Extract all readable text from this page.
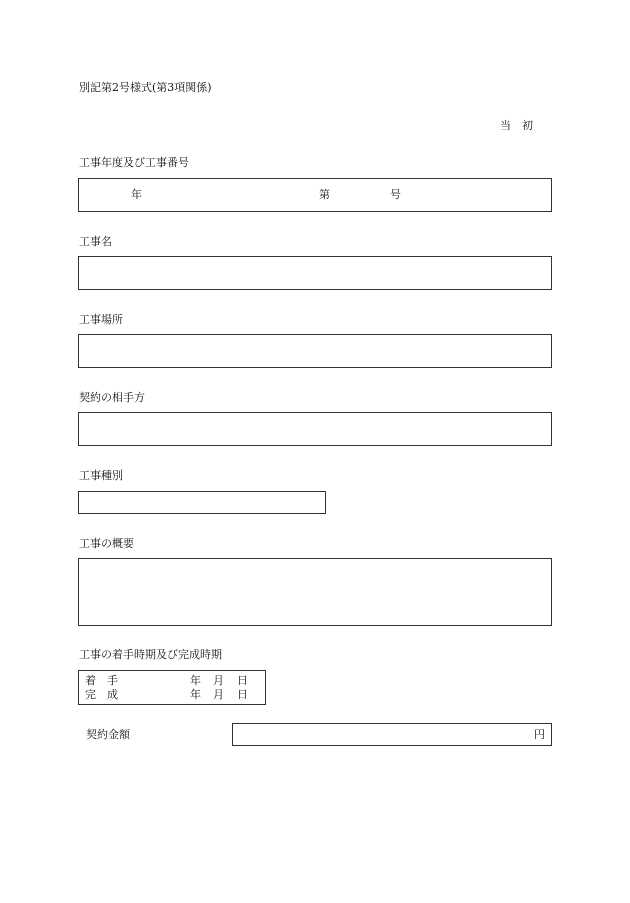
別記第2号様式(第3項関係)
当　初
工事年度及び工事番号
年	第	号
工事名
工事場所
契約の相手方
工事種別
工事の概要
工事の着手時期及び完成時期
着　手	年 月 日
完　成	年 月 日
契約金額	円
